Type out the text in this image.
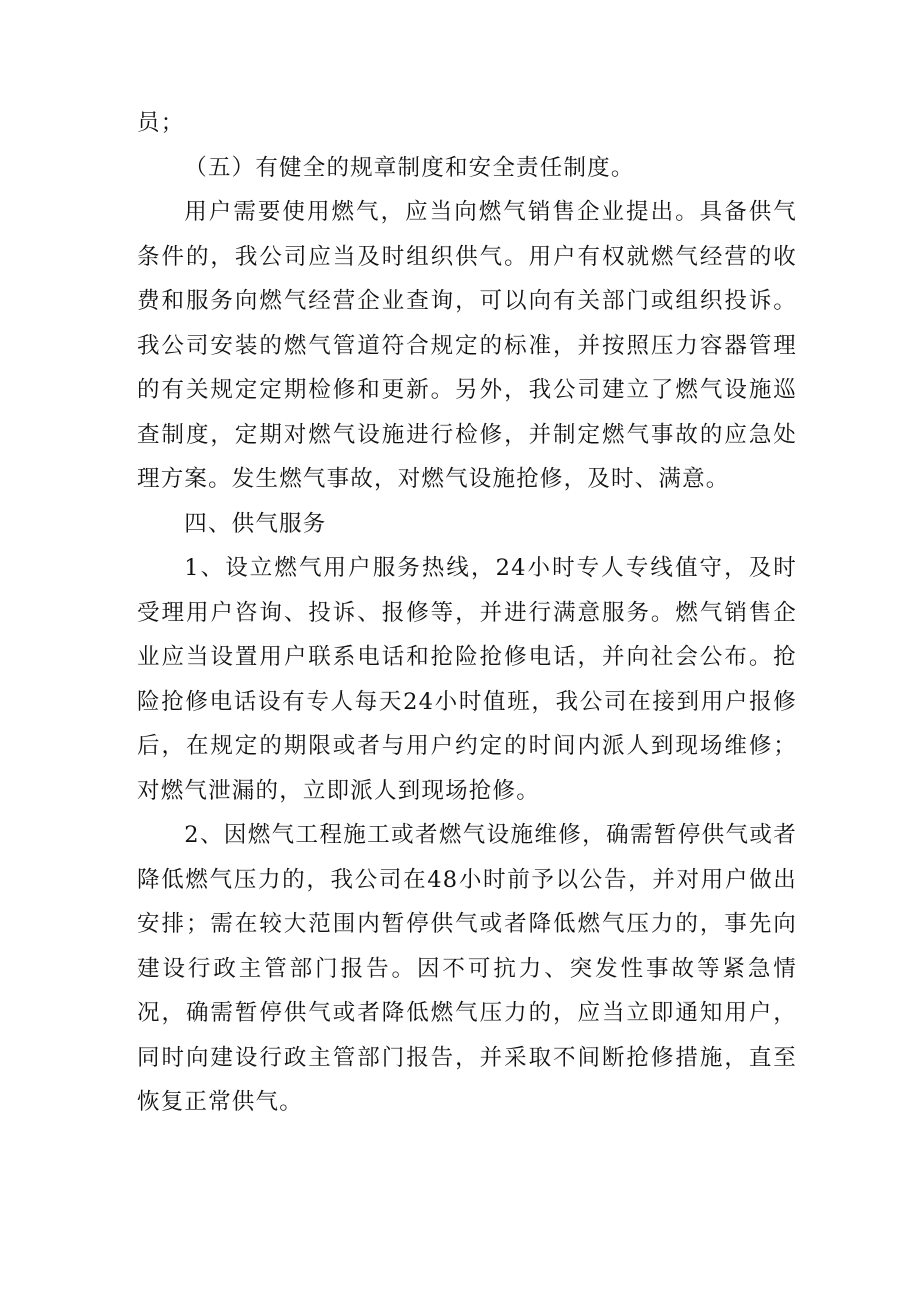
员；

（五）有健全的规章制度和安全责任制度。

用户需要使用燃气，应当向燃气销售企业提出。具备供气条件的，我公司应当及时组织供气。用户有权就燃气经营的收费和服务向燃气经营企业查询，可以向有关部门或组织投诉。我公司安装的燃气管道符合规定的标准，并按照压力容器管理的有关规定定期检修和更新。另外，我公司建立了燃气设施巡查制度，定期对燃气设施进行检修，并制定燃气事故的应急处理方案。发生燃气事故，对燃气设施抢修，及时、满意。

四、供气服务

1、设立燃气用户服务热线，24小时专人专线值守，及时受理用户咨询、投诉、报修等，并进行满意服务。燃气销售企业应当设置用户联系电话和抢险抢修电话，并向社会公布。抢险抢修电话设有专人每天24小时值班，我公司在接到用户报修后，在规定的期限或者与用户约定的时间内派人到现场维修；对燃气泄漏的，立即派人到现场抢修。

2、因燃气工程施工或者燃气设施维修，确需暂停供气或者降低燃气压力的，我公司在48小时前予以公告，并对用户做出安排；需在较大范围内暂停供气或者降低燃气压力的，事先向建设行政主管部门报告。因不可抗力、突发性事故等紧急情况，确需暂停供气或者降低燃气压力的，应当立即通知用户，同时向建设行政主管部门报告，并采取不间断抢修措施，直至恢复正常供气。
